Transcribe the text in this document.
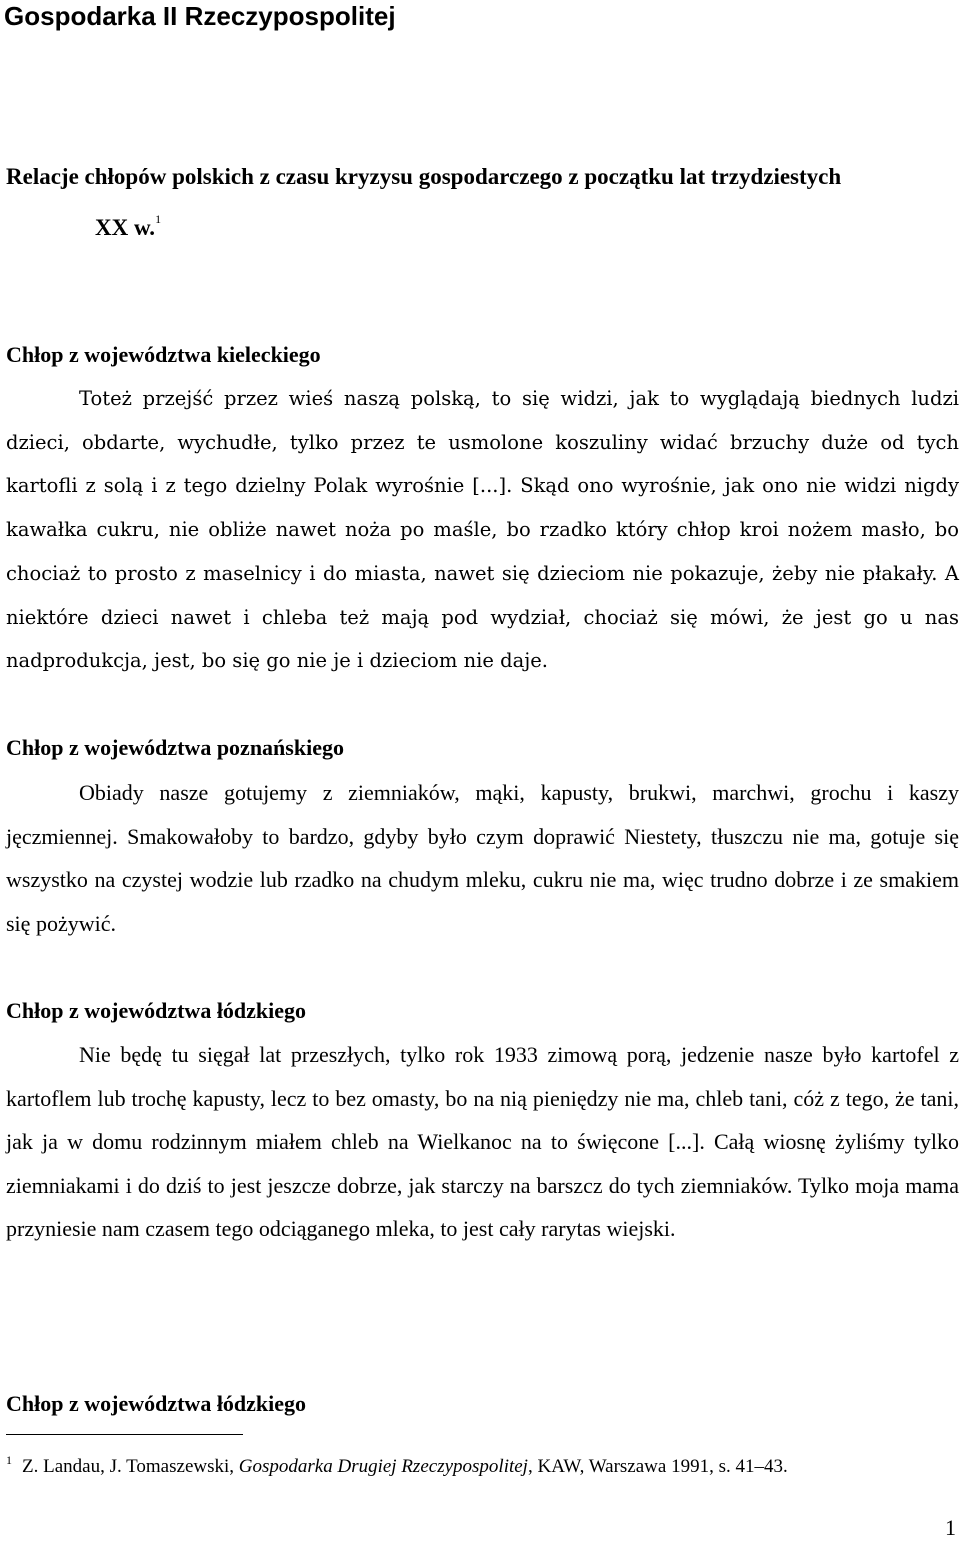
Gospodarka II Rzeczypospolitej
Relacje chłopów polskich z czasu kryzysu gospodarczego z początku lat trzydziestych
XX w.$^1$
Chłop z województwa kieleckiego
Toteż przejść przez wieś naszą polską, to się widzi, jak to wyglądają biednych ludzi dzieci, obdarte, wychudłe, tylko przez te usmolone koszuliny widać brzuchy duże od tych kartofli z solą i z tego dzielny Polak wyrośnie [...]. Skąd ono wyrośnie, jak ono nie widzi nigdy kawałka cukru, nie obliże nawet noża po maśle, bo rzadko który chłop kroi nożem masło, bo chociaż to prosto z maselnicy i do miasta, nawet się dzieciom nie pokazuje, żeby nie płakały. A niektóre dzieci nawet i chleba też mają pod wydział, chociaż się mówi, że jest go u nas nadprodukcja, jest, bo się go nie je i dzieciom nie daje.
Chłop z województwa poznańskiego
Obiady nasze gotujemy z ziemniaków, mąki, kapusty, brukwi, marchwi, grochu i kaszy jęczmiennej. Smakowałoby to bardzo, gdyby było czym doprawić Niestety, tłuszczu nie ma, gotuje się wszystko na czystej wodzie lub rzadko na chudym mleku, cukru nie ma, więc trudno dobrze i ze smakiem się pożywić.
Chłop z województwa łódzkiego
Nie będę tu sięgał lat przeszłych, tylko rok 1933 zimową porą, jedzenie nasze było kartofel z kartoflem lub trochę kapusty, lecz to bez omasty, bo na nią pieniędzy nie ma, chleb tani, cóż z tego, że tani, jak ja w domu rodzinnym miałem chleb na Wielkanoc na to święcone [...]. Całą wiosnę żyliśmy tylko ziemniakami i do dziś to jest jeszcze dobrze, jak starczy na barszcz do tych ziemniaków. Tylko moja mama przyniesie nam czasem tego odciąganego mleka, to jest cały rarytas wiejski.
Chłop z województwa łódzkiego
$^1$ Z. Landau, J. Tomaszewski, Gospodarka Drugiej Rzeczypospolitej, KAW, Warszawa 1991, s. 41–43.
1
